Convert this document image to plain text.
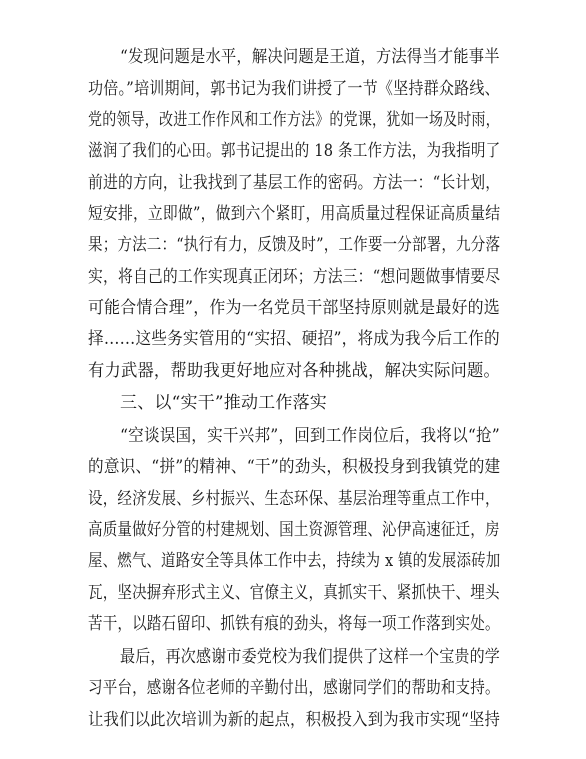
“发现问题是水平，解决问题是王道，方法得当才能事半
功倍。”培训期间，郭书记为我们讲授了一节《坚持群众路线、
党的领导，改进工作作风和工作方法》的党课，犹如一场及时雨，
滋润了我们的心田。郭书记提出的 18 条工作方法，为我指明了
前进的方向，让我找到了基层工作的密码。方法一：“长计划，
短安排，立即做”，做到六个紧盯，用高质量过程保证高质量结
果；方法二：“执行有力，反馈及时”，工作要一分部署，九分落
实，将自己的工作实现真正闭环；方法三：“想问题做事情要尽
可能合情合理”，作为一名党员干部坚持原则就是最好的选
择……这些务实管用的“实招、硬招”，将成为我今后工作的
有力武器，帮助我更好地应对各种挑战，解决实际问题。
三、以“实干”推动工作落实
“空谈误国，实干兴邦”，回到工作岗位后，我将以“抢”
的意识、“拼”的精神、“干”的劲头，积极投身到我镇党的建
设，经济发展、乡村振兴、生态环保、基层治理等重点工作中，
高质量做好分管的村建规划、国土资源管理、沁伊高速征迁，房
屋、燃气、道路安全等具体工作中去，持续为 x 镇的发展添砖加
瓦，坚决摒弃形式主义、官僚主义，真抓实干、紧抓快干、埋头
苦干，以踏石留印、抓铁有痕的劲头，将每一项工作落到实处。
最后，再次感谢市委党校为我们提供了这样一个宝贵的学
习平台，感谢各位老师的辛勤付出，感谢同学们的帮助和支持。
让我们以此次培训为新的起点，积极投入到为我市实现“坚持
